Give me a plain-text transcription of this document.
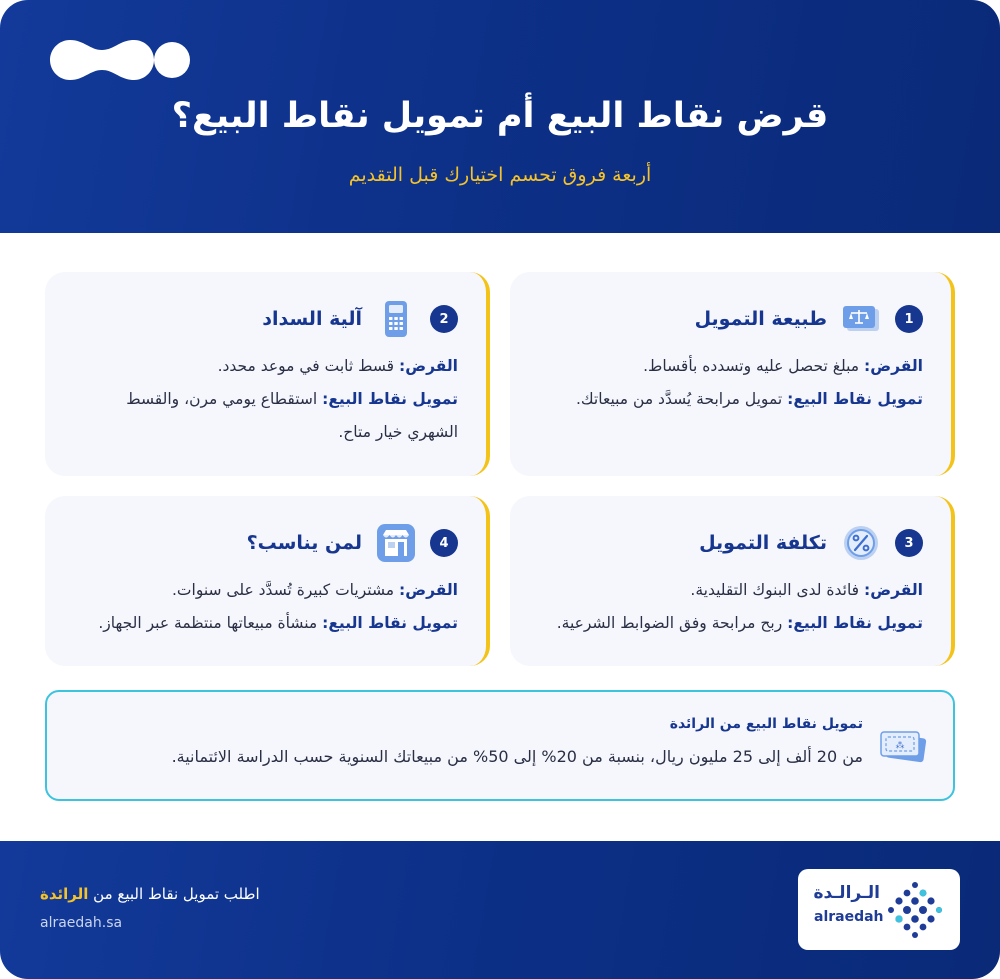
قرض نقاط البيع أم تمويل نقاط البيع؟
أربعة فروق تحسم اختيارك قبل التقديم
1
طبيعة التمويل

القرض: مبلغ تحصل عليه وتسدده بأقساط.

تمويل نقاط البيع: تمويل مرابحة يُسدَّد من مبيعاتك.

2
آلية السداد

القرض: قسط ثابت في موعد محدد.

تمويل نقاط البيع: استقطاع يومي مرن، والقسط الشهري خيار متاح.

3
تكلفة التمويل

القرض: فائدة لدى البنوك التقليدية.

تمويل نقاط البيع: ربح مرابحة وفق الضوابط الشرعية.

4
لمن يناسب؟

القرض: مشتريات كبيرة تُسدَّد على سنوات.

تمويل نقاط البيع: منشأة مبيعاتها منتظمة عبر الجهاز.

⁂
تمويل نقاط البيع من الرائدة
من 20 ألف إلى 25 مليون ريال، بنسبة من 20% إلى 50% من مبيعاتك السنوية حسب الدراسة الائتمانية.
اطلب تمويل نقاط البيع من الرائدة
alraedah.sa
الـرالـدة
alraedah
